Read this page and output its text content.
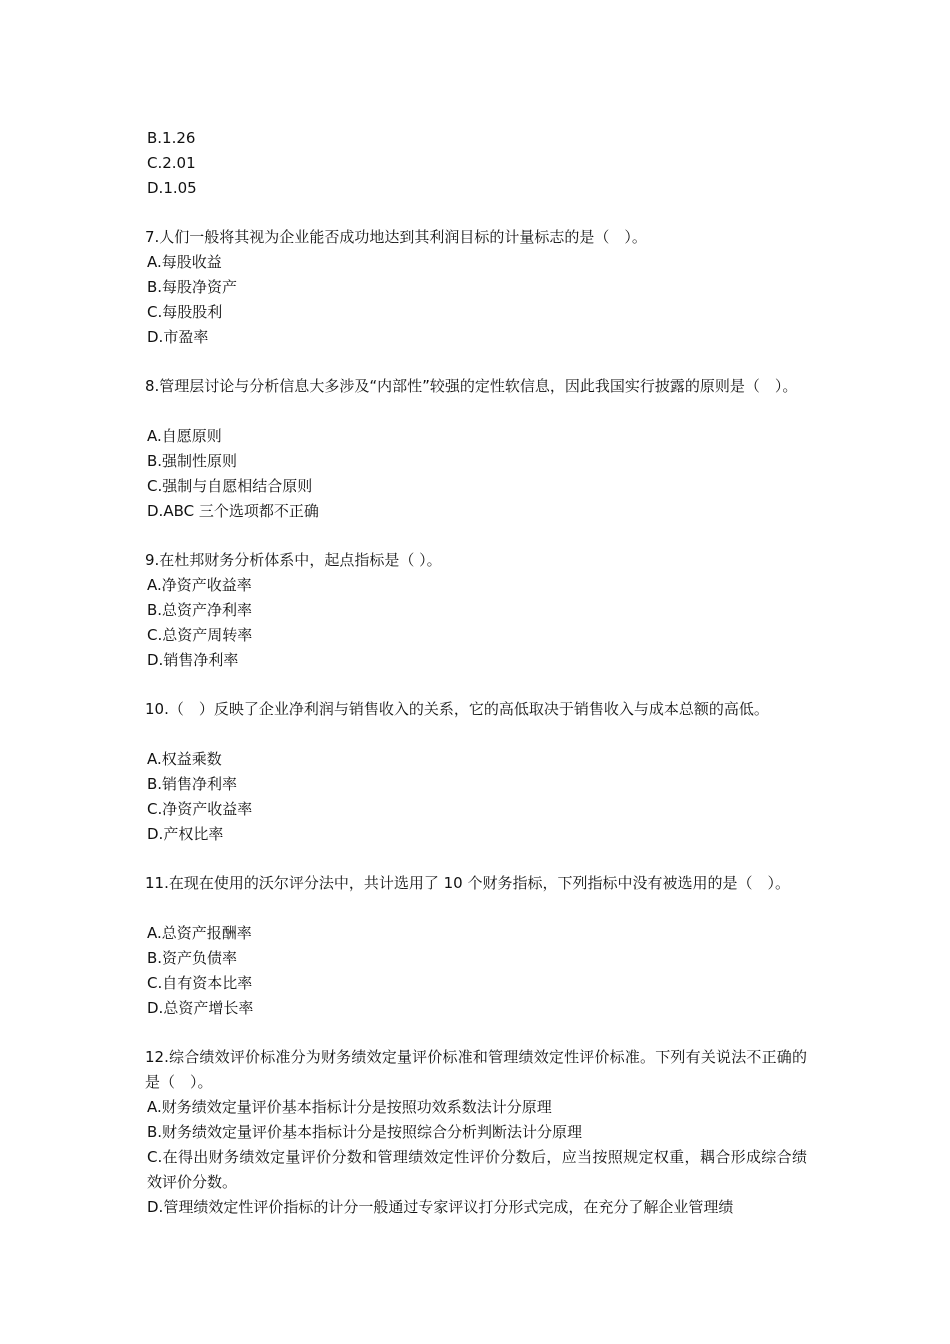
B.1.26
C.2.01
D.1.05
7.人们一般将其视为企业能否成功地达到其利润目标的计量标志的是（　）。
A.每股收益
B.每股净资产
C.每股股利
D.市盈率
8.管理层讨论与分析信息大多涉及“内部性”较强的定性软信息，因此我国实行披露的原则是（　）。
A.自愿原则
B.强制性原则
C.强制与自愿相结合原则
D.ABC 三个选项都不正确
9.在杜邦财务分析体系中，起点指标是（ ）。
A.净资产收益率
B.总资产净利率
C.总资产周转率
D.销售净利率
10.（　）反映了企业净利润与销售收入的关系，它的高低取决于销售收入与成本总额的高低。
A.权益乘数
B.销售净利率
C.净资产收益率
D.产权比率
11.在现在使用的沃尔评分法中，共计选用了 10 个财务指标，下列指标中没有被选用的是（　）。
A.总资产报酬率
B.资产负债率
C.自有资本比率
D.总资产增长率
12.综合绩效评价标准分为财务绩效定量评价标准和管理绩效定性评价标准。下列有关说法不正确的是（　）。
A.财务绩效定量评价基本指标计分是按照功效系数法计分原理
B.财务绩效定量评价基本指标计分是按照综合分析判断法计分原理
C.在得出财务绩效定量评价分数和管理绩效定性评价分数后，应当按照规定权重，耦合形成综合绩效评价分数。
D.管理绩效定性评价指标的计分一般通过专家评议打分形式完成，在充分了解企业管理绩
